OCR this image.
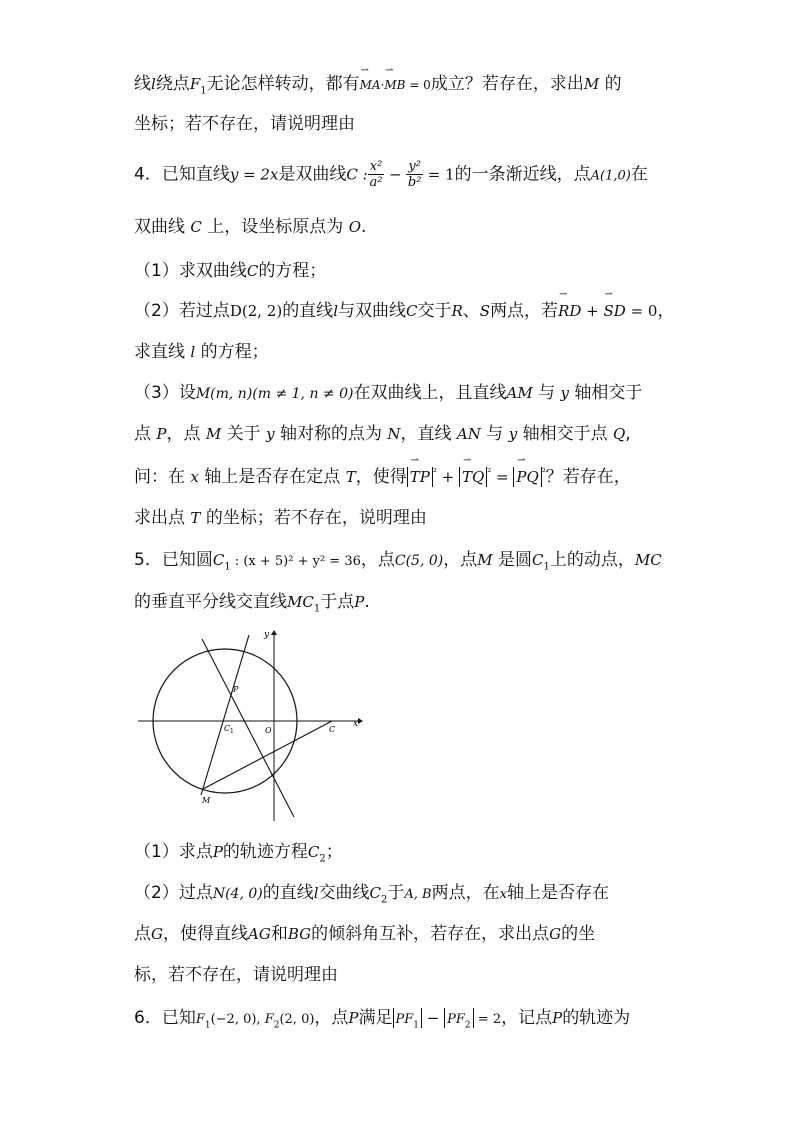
线l绕点$F_1$无论怎样转动，都有⇀ MA·⇀ MB = 0成立？若存在，求出M 的
坐标；若不存在，请说明理由
4．已知直线y = 2x是双曲线C : $\frac{\text{x²}}{\text{a²}} - \frac{\text{y²}}{\text{b²}} = 1$的一条渐近线，点A(1,0)在
双曲线 C 上，设坐标原点为 O.
（1）求双曲线C的方程；
（2）若过点D(2, 2)的直线l与双曲线C交于R、S两点，若⇀ RD + ⇀ SD = 0，
求直线 l 的方程；
（3）设M(m, n)(m ≠ 1, n ≠ 0)在双曲线上，且直线AM 与 y 轴相交于
点 P，点 M 关于 y 轴对称的点为 N，直线 AN 与 y 轴相交于点 Q,
问：在 x 轴上是否存在定点 T，使得⇀ TP $^{^2}$ + ⇀ TQ $^{^2}$ = ⇀ PQ $^{^2}$？若存在，
求出点 T 的坐标；若不存在，说明理由
5．已知圆$C_1$ : (x + 5)² + y² = 36，点C(5, 0)，点M 是圆$C_1$上的动点，MC
的垂直平分线交直线$MC_1$于点P.
y
x
P
C 1	O	C
M
（1）求点P的轨迹方程$C_2$；
（2）过点N(4, 0)的直线l交曲线$C_2$于A, B两点，在x轴上是否存在
点G，使得直线AG和BG的倾斜角互补，若存在，求出点G的坐
标，若不存在，请说明理由
6．已知$F_1(-2$, 0), $F_2(2$, 0)，点P满足 $PF_1 - PF_2 = 2$，记点P的轨迹为
